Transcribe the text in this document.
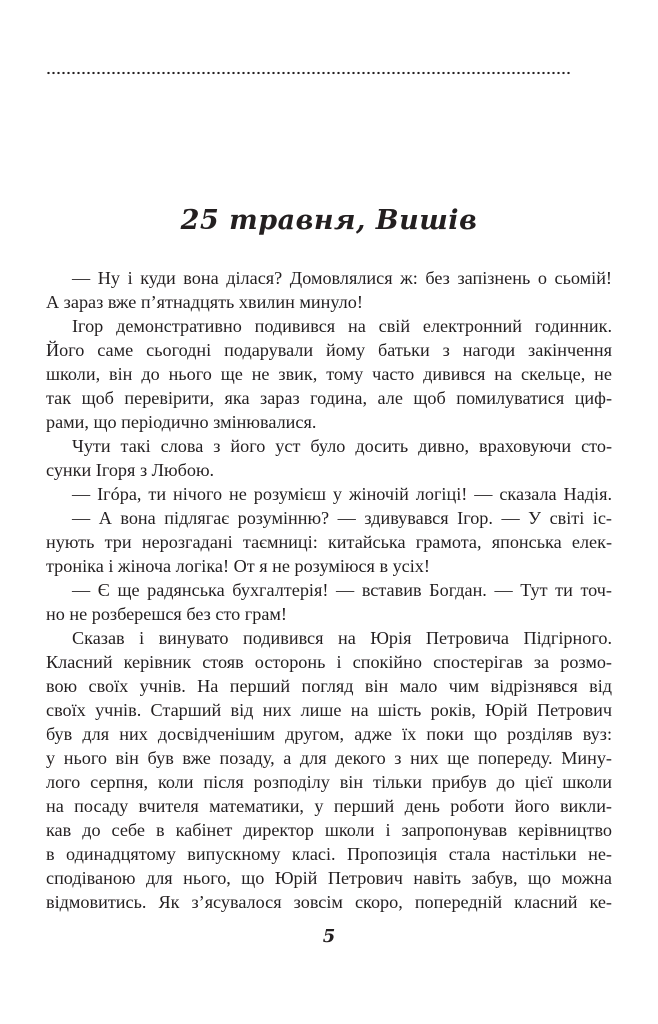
25 травня, Вишів
— Ну і куди вона ділася? Домовлялися ж: без запізнень о сьомій!
А зараз вже п’ятнадцять хвилин минуло!
Ігор демонстративно подивився на свій електронний годинник.
Його саме сьогодні подарували йому батьки з нагоди закінчення
школи, він до нього ще не звик, тому часто дивився на скельце, не
так щоб перевірити, яка зараз година, але щоб помилуватися циф-
рами, що періодично змінювалися.
Чути такі слова з його уст було досить дивно, враховуючи сто-
сунки Ігоря з Любою.
— Ігóра, ти нічого не розумієш у жіночій логіці! — сказала Надія.
— А вона підлягає розумінню? — здивувався Ігор. — У світі іс-
нують три нерозгадані таємниці: китайська грамота, японська елек-
троніка і жіноча логіка! От я не розуміюся в усіх!
— Є ще радянська бухгалтерія! — вставив Богдан. — Тут ти точ-
но не розберешся без сто грам!
Сказав і винувато подивився на Юрія Петровича Підгірного.
Класний керівник стояв осторонь і спокійно спостерігав за розмо-
вою своїх учнів. На перший погляд він мало чим відрізнявся від
своїх учнів. Старший від них лише на шість років, Юрій Петрович
був для них досвідченішим другом, адже їх поки що розділяв вуз:
у нього він був вже позаду, а для декого з них ще попереду. Мину-
лого серпня, коли після розподілу він тільки прибув до цієї школи
на посаду вчителя математики, у перший день роботи його викли-
кав до себе в кабінет директор школи і запропонував керівництво
в одинадцятому випускному класі. Пропозиція стала настільки не-
сподіваною для нього, що Юрій Петрович навіть забув, що можна
відмовитись. Як з’ясувалося зовсім скоро, попередній класний ке-
5
